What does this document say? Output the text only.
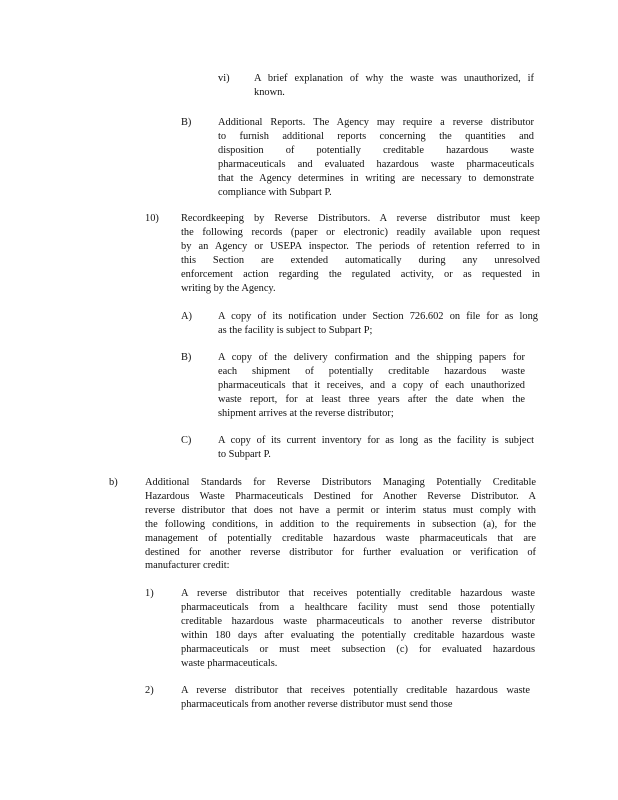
vi) A brief explanation of why the waste was unauthorized, if
known.
B)	Additional Reports. The Agency may require a reverse distributor
to furnish additional reports concerning the quantities and
disposition of potentially creditable hazardous waste
pharmaceuticals and evaluated hazardous waste pharmaceuticals
that the Agency determines in writing are necessary to demonstrate
compliance with Subpart P.
10) Recordkeeping by Reverse Distributors. A reverse distributor must keep
the following records (paper or electronic) readily available upon request
by an Agency or USEPA inspector. The periods of retention referred to in
this Section are extended automatically during any unresolved
enforcement action regarding the regulated activity, or as requested in
writing by the Agency.
A)	A copy of its notification under Section 726.602 on file for as long
as the facility is subject to Subpart P;
B)	A copy of the delivery confirmation and the shipping papers for
each shipment of potentially creditable hazardous waste
pharmaceuticals that it receives, and a copy of each unauthorized
waste report, for at least three years after the date when the
shipment arrives at the reverse distributor;
C)	A copy of its current inventory for as long as the facility is subject
to Subpart P.
b)	Additional Standards for Reverse Distributors Managing Potentially Creditable
Hazardous Waste Pharmaceuticals Destined for Another Reverse Distributor. A
reverse distributor that does not have a permit or interim status must comply with
the following conditions, in addition to the requirements in subsection (a), for the
management of potentially creditable hazardous waste pharmaceuticals that are
destined for another reverse distributor for further evaluation or verification of
manufacturer credit:
1)	A reverse distributor that receives potentially creditable hazardous waste
pharmaceuticals from a healthcare facility must send those potentially
creditable hazardous waste pharmaceuticals to another reverse distributor
within 180 days after evaluating the potentially creditable hazardous waste
pharmaceuticals or must meet subsection (c) for evaluated hazardous
waste pharmaceuticals.
2)	A reverse distributor that receives potentially creditable hazardous waste
pharmaceuticals from another reverse distributor must send those
